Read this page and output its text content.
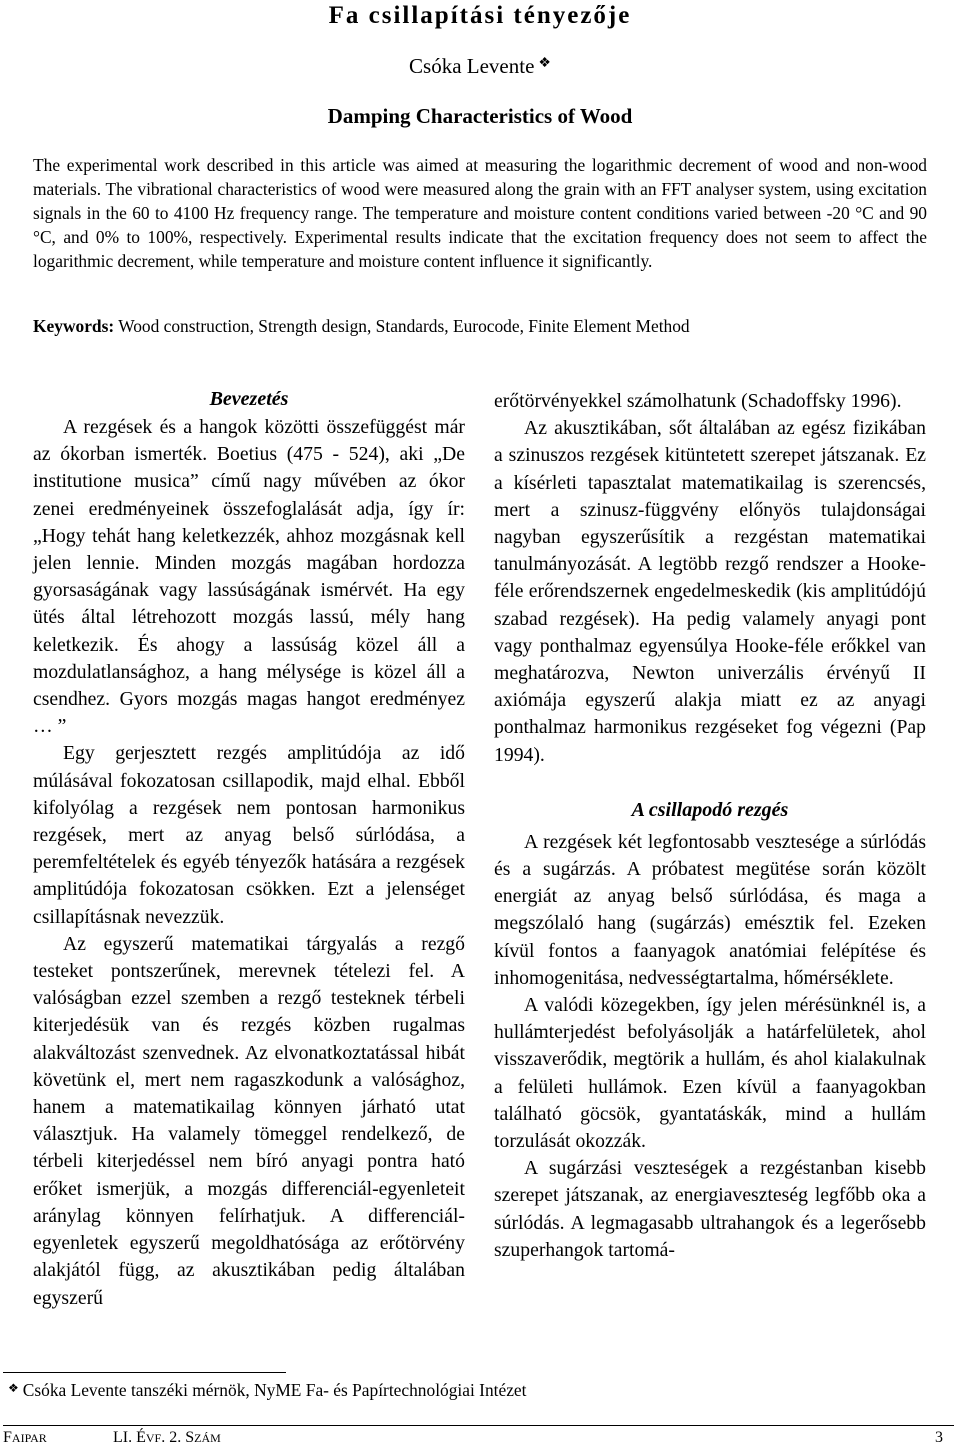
Fa csillapítási tényezője
Csóka Levente ❖
Damping Characteristics of Wood

The experimental work described in this article was aimed at measuring the logarithmic decrement of wood and non-wood materials. The vibrational characteristics of wood were measured along the grain with an FFT analyser system, using excitation signals in the 60 to 4100 Hz frequency range. The temperature and moisture content conditions varied between -20 °C and 90 °C, and 0% to 100%, respectively. Experimental results indicate that the excitation frequency does not seem to affect the logarithmic decrement, while temperature and moisture content influence it significantly.

Keywords: Wood construction, Strength design, Standards, Eurocode, Finite Element Method

Bevezetés

A rezgések és a hangok közötti összefüggést már az ókorban ismerték. Boetius (475 - 524), aki „De institutione musica” című nagy művében az ókor zenei eredményeinek összefoglalását adja, így ír: „Hogy tehát hang keletkezzék, ahhoz mozgásnak kell jelen lennie. Minden mozgás magában hordozza gyorsaságának vagy lassúságának ismérvét. Ha egy ütés által létrehozott mozgás lassú, mély hang keletkezik. És ahogy a lassúság közel áll a mozdulatlansághoz, a hang mélysége is közel áll a csendhez. Gyors mozgás magas hangot eredményez … ”

Egy gerjesztett rezgés amplitúdója az idő múlásával fokozatosan csillapodik, majd elhal. Ebből kifolyólag a rezgések nem pontosan harmonikus rezgések, mert az anyag belső súrlódása, a peremfeltételek és egyéb tényezők hatására a rezgések amplitúdója fokozatosan csökken. Ezt a jelenséget csillapításnak nevezzük.

Az egyszerű matematikai tárgyalás a rezgő testeket pontszerűnek, merevnek tételezi fel. A valóságban ezzel szemben a rezgő testeknek térbeli kiterjedésük van és rezgés közben rugalmas alakváltozást szenvednek. Az elvonatkoztatással hibát követünk el, mert nem ragaszkodunk a valósághoz, hanem a matematikailag könnyen járható utat választjuk. Ha valamely tömeggel rendelkező, de térbeli kiterjedéssel nem bíró anyagi pontra ható erőket ismerjük, a mozgás differenciál-egyenleteit aránylag könnyen felírhatjuk. A differenciál-egyenletek egyszerű megoldhatósága az erőtörvény alakjától függ, az akusztikában pedig általában egyszerű

erőtörvényekkel számolhatunk (Schadoffsky 1996).

Az akusztikában, sőt általában az egész fizikában a szinuszos rezgések kitüntetett szerepet játszanak. Ez a kísérleti tapasztalat matematikailag is szerencsés, mert a szinusz-függvény előnyös tulajdonságai nagyban egyszerűsítik a rezgéstan matematikai tanulmányozását. A legtöbb rezgő rendszer a Hooke-féle erőrendszernek engedelmeskedik (kis amplitúdójú szabad rezgések). Ha pedig valamely anyagi pont vagy ponthalmaz egyensúlya Hooke-féle erőkkel van meghatározva, Newton univerzális érvényű II axiómája egyszerű alakja miatt ez az anyagi ponthalmaz harmonikus rezgéseket fog végezni (Pap 1994).

A csillapodó rezgés

A rezgések két legfontosabb vesztesége a súrlódás és a sugárzás. A próbatest megütése során közölt energiát az anyag belső súrlódása, és maga a megszólaló hang (sugárzás) emésztik fel. Ezeken kívül fontos a faanyagok anatómiai felépítése és inhomogenitása, nedvességtartalma, hőmérséklete.

A valódi közegekben, így jelen mérésünknél is, a hullámterjedést befolyásolják a határfelületek, ahol visszaverődik, megtörik a hullám, és ahol kialakulnak a felületi hullámok. Ezen kívül a faanyagokban található göcsök, gyantatáskák, mind a hullám torzulását okozzák.

A sugárzási veszteségek a rezgéstanban kisebb szerepet játszanak, az energiaveszteség legfőbb oka a súrlódás. A legmagasabb ultrahangok és a legerősebb szuperhangok tartomá-

❖ Csóka Levente tanszéki mérnök, NyME Fa- és Papírtechnológiai Intézet
FAIPAR	LI. ÉVF. 2. SZÁM	3
